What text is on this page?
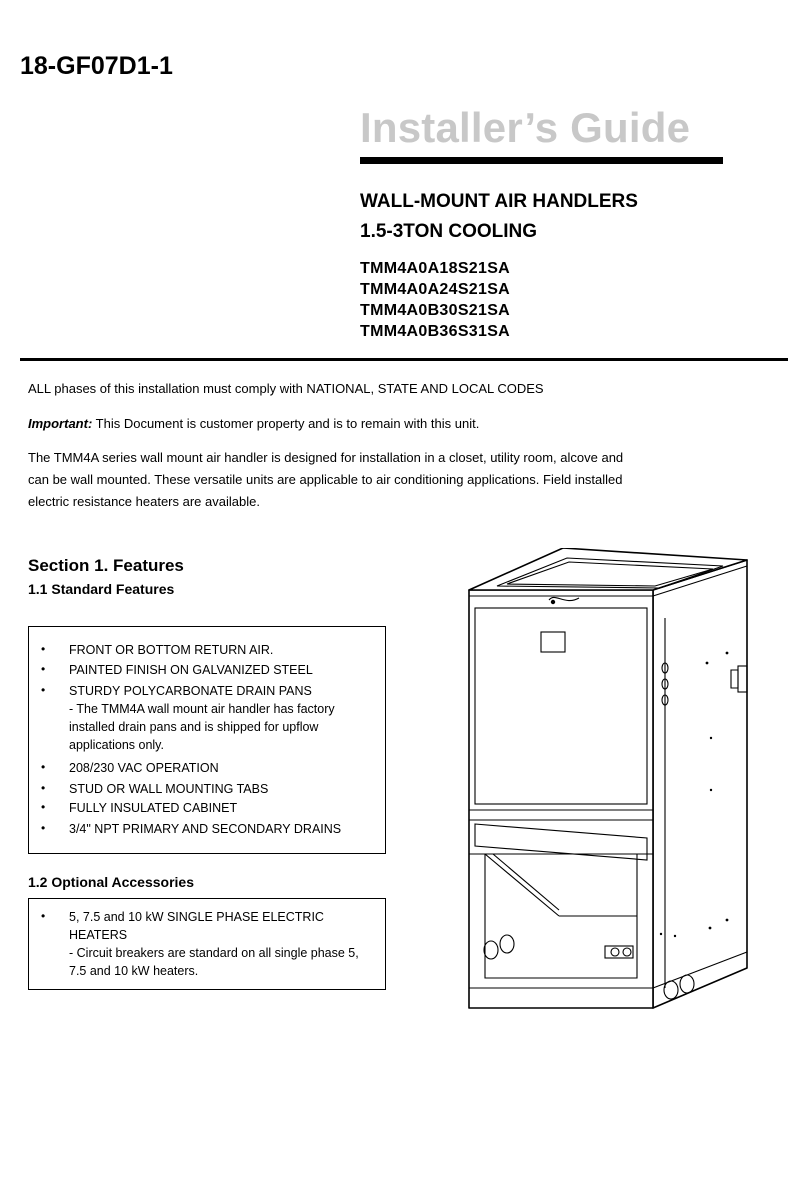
18-GF07D1-1
Installer’s Guide
WALL-MOUNT AIR HANDLERS
1.5-3TON COOLING
TMM4A0A18S21SA
TMM4A0A24S21SA
TMM4A0B30S21SA
TMM4A0B36S31SA
ALL phases of this installation must comply with NATIONAL, STATE AND LOCAL CODES
Important: This Document is customer property and is to remain with this unit.
The TMM4A series wall mount air handler is designed for installation in a closet, utility room, alcove and can be wall mounted. These versatile units are applicable to air conditioning applications. Field installed electric resistance heaters are available.
Section 1. Features
1.1 Standard Features
•	FRONT OR BOTTOM RETURN AIR.
•	PAINTED FINISH ON GALVANIZED STEEL
•	STURDY POLYCARBONATE DRAIN PANS
- The TMM4A wall mount air handler has factory installed drain pans and is shipped for upflow applications only.
•	208/230 VAC OPERATION
•	STUD OR WALL MOUNTING TABS
•	FULLY INSULATED CABINET
•	3/4" NPT PRIMARY AND SECONDARY DRAINS
1.2 Optional Accessories
•	5, 7.5 and 10 kW SINGLE PHASE ELECTRIC HEATERS
- Circuit breakers are standard on all single phase 5, 7.5 and 10 kW heaters.
